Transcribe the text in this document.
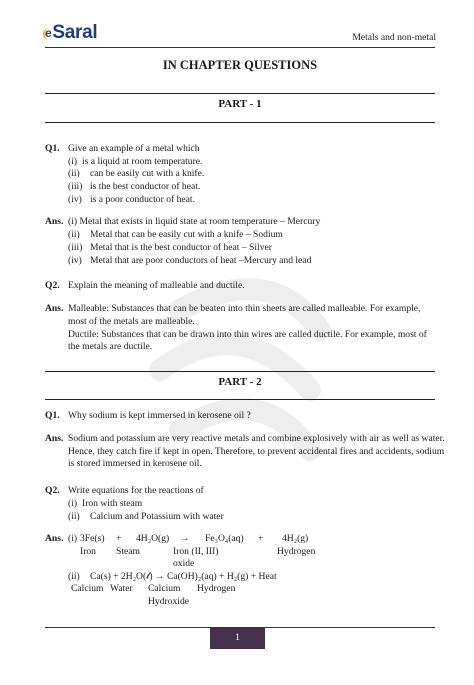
eSaral	Metals and non-metal
IN CHAPTER QUESTIONS
PART - 1
Q1. Give an example of a metal which
(i) is a liquid at room temperature.
(ii) can be easily cut with a knife.
(iii) is the best conductor of heat.
(iv) is a poor conductor of heat.
Ans. (i) Metal that exists in liquid state at room temperature – Mercury
(ii) Metal that can be easily cut with a knife – Sodium
(iii) Metal that is the best conductor of heat – Silver
(iv) Metal that are poor conductors of heat –Mercury and lead
Q2. Explain the meaning of malleable and ductile.
Ans. Malleable: Substances that can be beaten into thin sheets are called malleable. For example,
most of the metals are malleable.
Ductile: Substances that can be drawn into thin wires are called ductile. For example, most of
the metals are ductile.
PART - 2
Q1. Why sodium is kept immersed in kerosene oil ?
Ans. Sodium and potassium are very reactive metals and combine explosively with air as well as water.
Hence, they catch fire if kept in open. Therefore, to prevent accidental fires and accidents, sodium
is stored immersed in kerosene oil.
Q2. Write equations for the reactions of
(i) Iron with steam
(ii) Calcium and Potassium with water
Ans. (i) 3Fe(s) + 4H₂O(g) → Fe₃O₄(aq) + 4H₂(g)
Iron Steam	Iron (II, III)
oxide
Hydrogen
(ii) Ca(s) + 2H₂O(𝓁) → Ca(OH)₂(aq) + H₂(g) + Heat
Calcium Water Calcium
Hydroxide
Hydrogen
1
